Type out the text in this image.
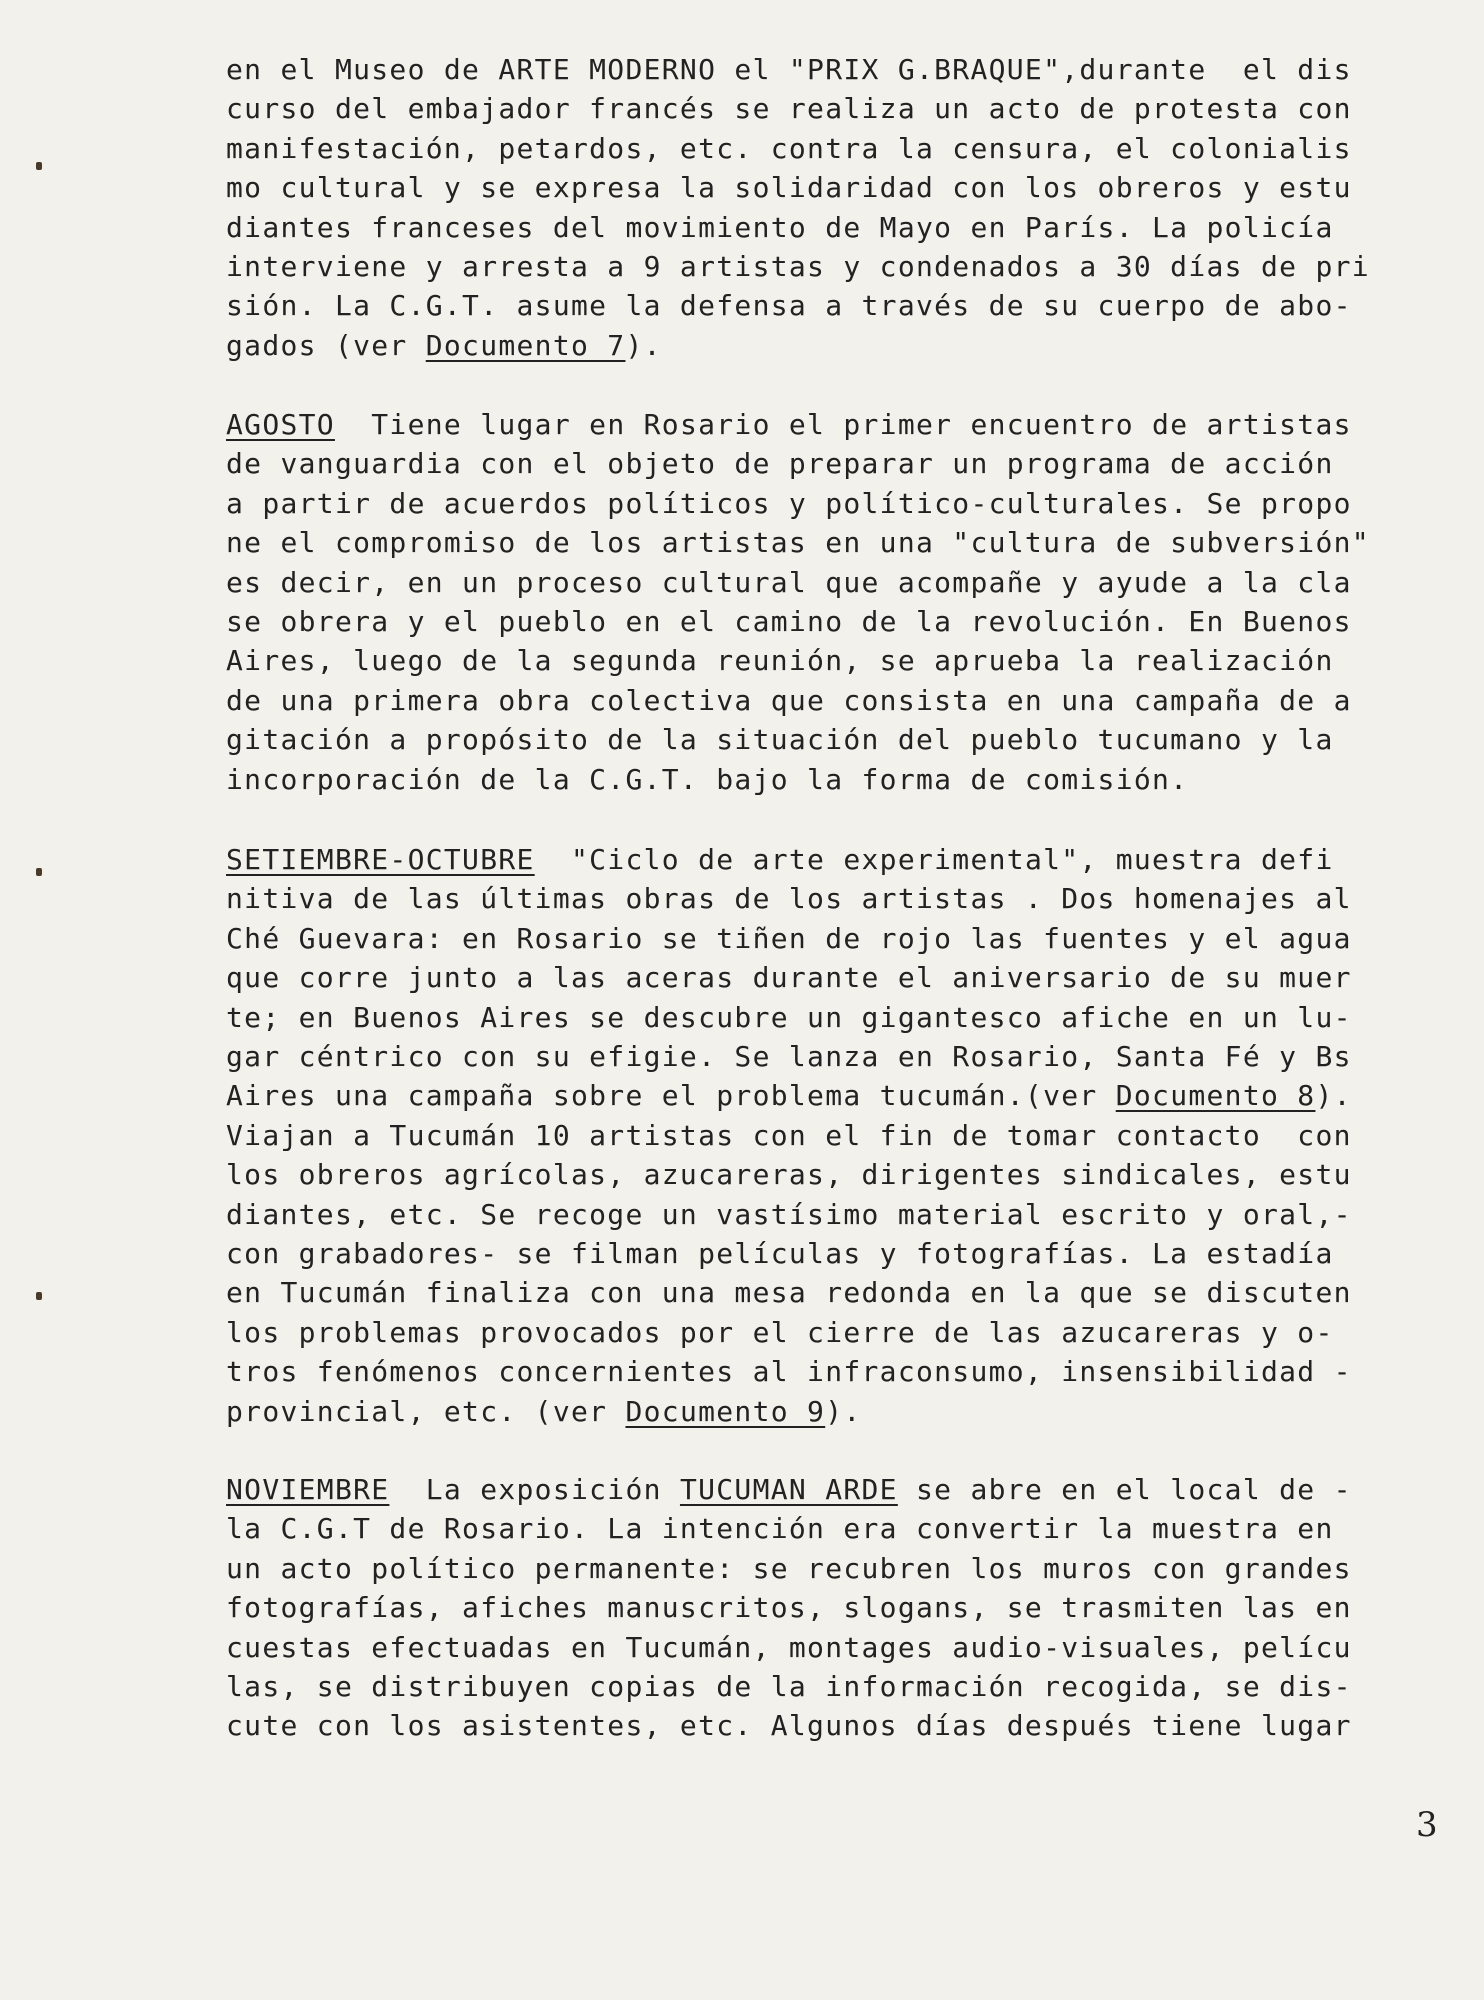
en el Museo de ARTE MODERNO el "PRIX G.BRAQUE",durante  el dis
curso del embajador francés se realiza un acto de protesta con
manifestación, petardos, etc. contra la censura, el colonialis
mo cultural y se expresa la solidaridad con los obreros y estu
diantes franceses del movimiento de Mayo en París. La policía
interviene y arresta a 9 artistas y condenados a 30 días de pri
sión. La C.G.T. asume la defensa a través de su cuerpo de abo-
gados (ver Documento 7).
AGOSTO  Tiene lugar en Rosario el primer encuentro de artistas
de vanguardia con el objeto de preparar un programa de acción
a partir de acuerdos políticos y político-culturales. Se propo
ne el compromiso de los artistas en una "cultura de subversión"
es decir, en un proceso cultural que acompañe y ayude a la cla
se obrera y el pueblo en el camino de la revolución. En Buenos
Aires, luego de la segunda reunión, se aprueba la realización
de una primera obra colectiva que consista en una campaña de a
gitación a propósito de la situación del pueblo tucumano y la
incorporación de la C.G.T. bajo la forma de comisión.
SETIEMBRE-OCTUBRE  "Ciclo de arte experimental", muestra defi
nitiva de las últimas obras de los artistas . Dos homenajes al
Ché Guevara: en Rosario se tiñen de rojo las fuentes y el agua
que corre junto a las aceras durante el aniversario de su muer
te; en Buenos Aires se descubre un gigantesco afiche en un lu-
gar céntrico con su efigie. Se lanza en Rosario, Santa Fé y Bs
Aires una campaña sobre el problema tucumán.(ver Documento 8).
Viajan a Tucumán 10 artistas con el fin de tomar contacto  con
los obreros agrícolas, azucareras, dirigentes sindicales, estu
diantes, etc. Se recoge un vastísimo material escrito y oral,-
con grabadores- se filman películas y fotografías. La estadía
en Tucumán finaliza con una mesa redonda en la que se discuten
los problemas provocados por el cierre de las azucareras y o-
tros fenómenos concernientes al infraconsumo, insensibilidad -
provincial, etc. (ver Documento 9).
NOVIEMBRE  La exposición TUCUMAN ARDE se abre en el local de -
la C.G.T de Rosario. La intención era convertir la muestra en
un acto político permanente: se recubren los muros con grandes
fotografías, afiches manuscritos, slogans, se trasmiten las en
cuestas efectuadas en Tucumán, montages audio-visuales, pelícu
las, se distribuyen copias de la información recogida, se dis-
cute con los asistentes, etc. Algunos días después tiene lugar
3
